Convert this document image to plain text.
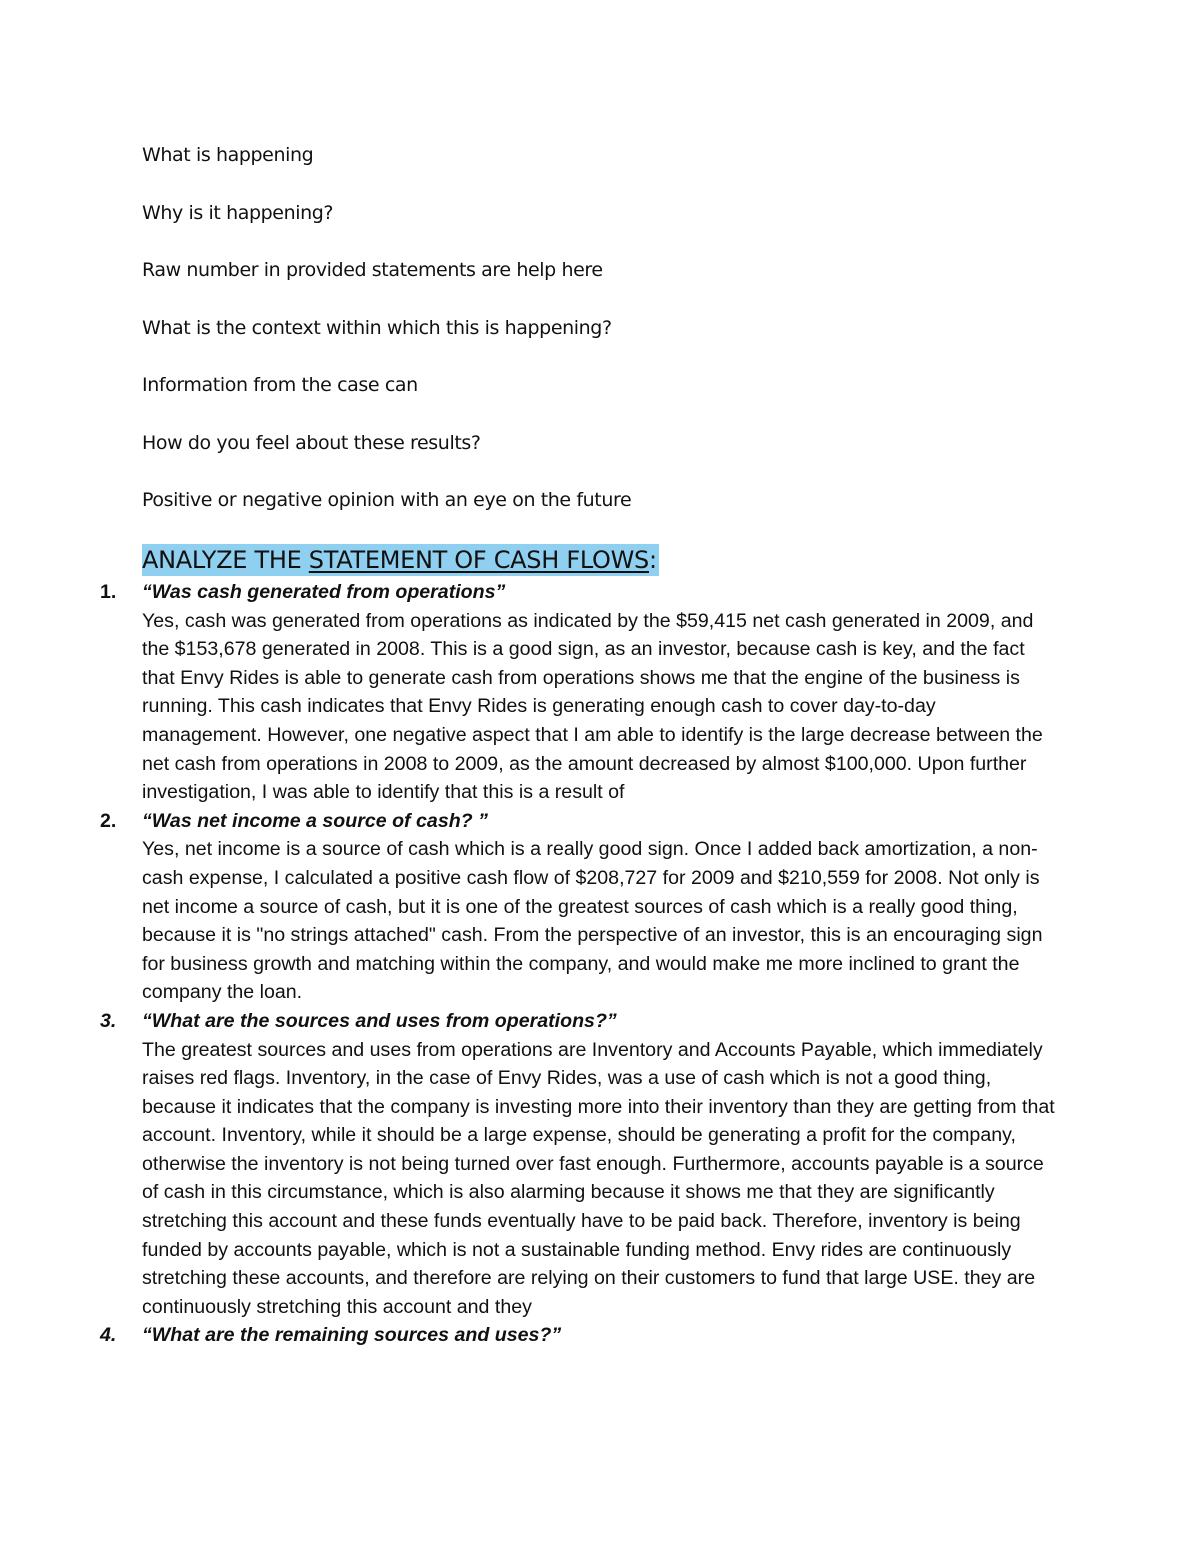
What is happening
Why is it happening?
Raw number in provided statements are help here
What is the context within which this is happening?
Information from the case can
How do you feel about these results?
Positive or negative opinion with an eye on the future
ANALYZE THE STATEMENT OF CASH FLOWS:
1.	“Was cash generated from operations”

Yes, cash was generated from operations as indicated by the $59,415 net cash generated in 2009, and the $153,678 generated in 2008. This is a good sign, as an investor, because cash is key, and the fact that Envy Rides is able to generate cash from operations shows me that the engine of the business is running. This cash indicates that Envy Rides is generating enough cash to cover day-to-day management. However, one negative aspect that I am able to identify is the large decrease between the net cash from operations in 2008 to 2009, as the amount decreased by almost $100,000. Upon further investigation, I was able to identify that this is a result of

2.	“Was net income a source of cash? ”

Yes, net income is a source of cash which is a really good sign. Once I added back amortization, a non-cash expense, I calculated a positive cash flow of $208,727 for 2009 and $210,559 for 2008. Not only is net income a source of cash, but it is one of the greatest sources of cash which is a really good thing, because it is "no strings attached" cash. From the perspective of an investor, this is an encouraging sign for business growth and matching within the company, and would make me more inclined to grant the company the loan.

3.	“What are the sources and uses from operations?”

The greatest sources and uses from operations are Inventory and Accounts Payable, which immediately raises red flags. Inventory, in the case of Envy Rides, was a use of cash which is not a good thing, because it indicates that the company is investing more into their inventory than they are getting from that account. Inventory, while it should be a large expense, should be generating a profit for the company, otherwise the inventory is not being turned over fast enough. Furthermore, accounts payable is a source of cash in this circumstance, which is also alarming because it shows me that they are significantly stretching this account and these funds eventually have to be paid back. Therefore, inventory is being funded by accounts payable, which is not a sustainable funding method. Envy rides are continuously stretching these accounts, and therefore are relying on their customers to fund that large USE. they are continuously stretching this account and they

4.	“What are the remaining sources and uses?”
